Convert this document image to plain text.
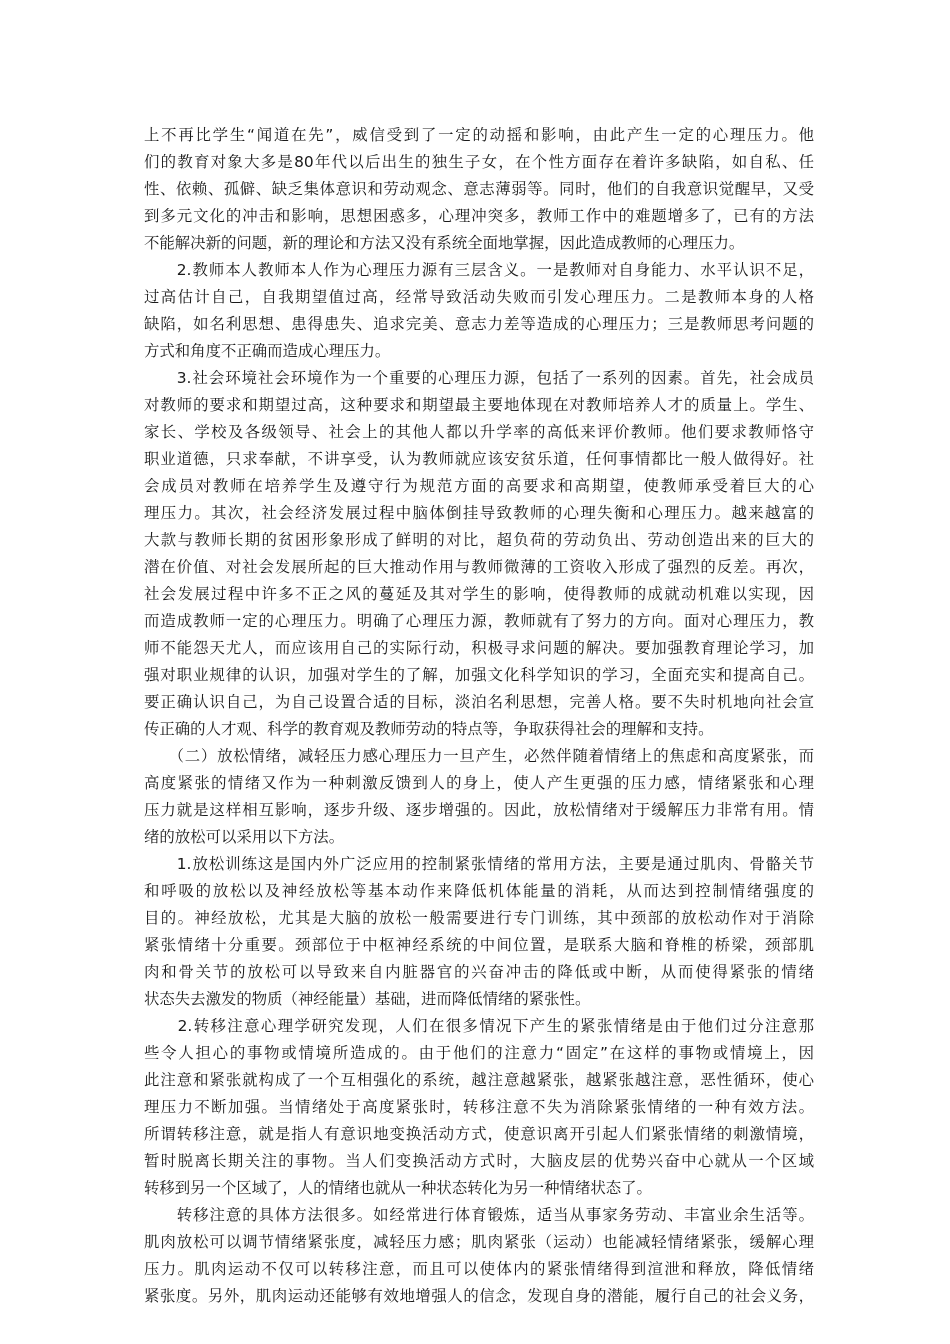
上不再比学生“闻道在先”，威信受到了一定的动摇和影响，由此产生一定的心理压力。他
们的教育对象大多是80年代以后出生的独生子女，在个性方面存在着许多缺陷，如自私、任
性、依赖、孤僻、缺乏集体意识和劳动观念、意志薄弱等。同时，他们的自我意识觉醒早，又受
到多元文化的冲击和影响，思想困惑多，心理冲突多，教师工作中的难题增多了，已有的方法
不能解决新的问题，新的理论和方法又没有系统全面地掌握，因此造成教师的心理压力。
　　2.教师本人教师本人作为心理压力源有三层含义。一是教师对自身能力、水平认识不足，
过高估计自己，自我期望值过高，经常导致活动失败而引发心理压力。二是教师本身的人格
缺陷，如名利思想、患得患失、追求完美、意志力差等造成的心理压力；三是教师思考问题的
方式和角度不正确而造成心理压力。
　　3.社会环境社会环境作为一个重要的心理压力源，包括了一系列的因素。首先，社会成员
对教师的要求和期望过高，这种要求和期望最主要地体现在对教师培养人才的质量上。学生、
家长、学校及各级领导、社会上的其他人都以升学率的高低来评价教师。他们要求教师恪守
职业道德，只求奉献，不讲享受，认为教师就应该安贫乐道，任何事情都比一般人做得好。社
会成员对教师在培养学生及遵守行为规范方面的高要求和高期望，使教师承受着巨大的心
理压力。其次，社会经济发展过程中脑体倒挂导致教师的心理失衡和心理压力。越来越富的
大款与教师长期的贫困形象形成了鲜明的对比，超负荷的劳动负出、劳动创造出来的巨大的
潜在价值、对社会发展所起的巨大推动作用与教师微薄的工资收入形成了强烈的反差。再次，
社会发展过程中许多不正之风的蔓延及其对学生的影响，使得教师的成就动机难以实现，因
而造成教师一定的心理压力。明确了心理压力源，教师就有了努力的方向。面对心理压力，教
师不能怨天尤人，而应该用自己的实际行动，积极寻求问题的解决。要加强教育理论学习，加
强对职业规律的认识，加强对学生的了解，加强文化科学知识的学习，全面充实和提高自己。
要正确认识自己，为自己设置合适的目标，淡泊名利思想，完善人格。要不失时机地向社会宣
传正确的人才观、科学的教育观及教师劳动的特点等，争取获得社会的理解和支持。
　　（二）放松情绪，减轻压力感心理压力一旦产生，必然伴随着情绪上的焦虑和高度紧张，而
高度紧张的情绪又作为一种刺激反馈到人的身上，使人产生更强的压力感，情绪紧张和心理
压力就是这样相互影响，逐步升级、逐步增强的。因此，放松情绪对于缓解压力非常有用。情
绪的放松可以采用以下方法。
　　1.放松训练这是国内外广泛应用的控制紧张情绪的常用方法，主要是通过肌肉、骨骼关节
和呼吸的放松以及神经放松等基本动作来降低机体能量的消耗，从而达到控制情绪强度的
目的。神经放松，尤其是大脑的放松一般需要进行专门训练，其中颈部的放松动作对于消除
紧张情绪十分重要。颈部位于中枢神经系统的中间位置，是联系大脑和脊椎的桥梁，颈部肌
肉和骨关节的放松可以导致来自内脏器官的兴奋冲击的降低或中断，从而使得紧张的情绪
状态失去激发的物质（神经能量）基础，进而降低情绪的紧张性。
　　2.转移注意心理学研究发现，人们在很多情况下产生的紧张情绪是由于他们过分注意那
些令人担心的事物或情境所造成的。由于他们的注意力“固定”在这样的事物或情境上，因
此注意和紧张就构成了一个互相强化的系统，越注意越紧张，越紧张越注意，恶性循环，使心
理压力不断加强。当情绪处于高度紧张时，转移注意不失为消除紧张情绪的一种有效方法。
所谓转移注意，就是指人有意识地变换活动方式，使意识离开引起人们紧张情绪的刺激情境，
暂时脱离长期关注的事物。当人们变换活动方式时，大脑皮层的优势兴奋中心就从一个区域
转移到另一个区域了，人的情绪也就从一种状态转化为另一种情绪状态了。
　　转移注意的具体方法很多。如经常进行体育锻炼，适当从事家务劳动、丰富业余生活等。
肌肉放松可以调节情绪紧张度，减轻压力感；肌肉紧张（运动）也能减轻情绪紧张，缓解心理
压力。肌肉运动不仅可以转移注意，而且可以使体内的紧张情绪得到渲泄和释放，降低情绪
紧张度。另外，肌肉运动还能够有效地增强人的信念，发现自身的潜能，履行自己的社会义务，
